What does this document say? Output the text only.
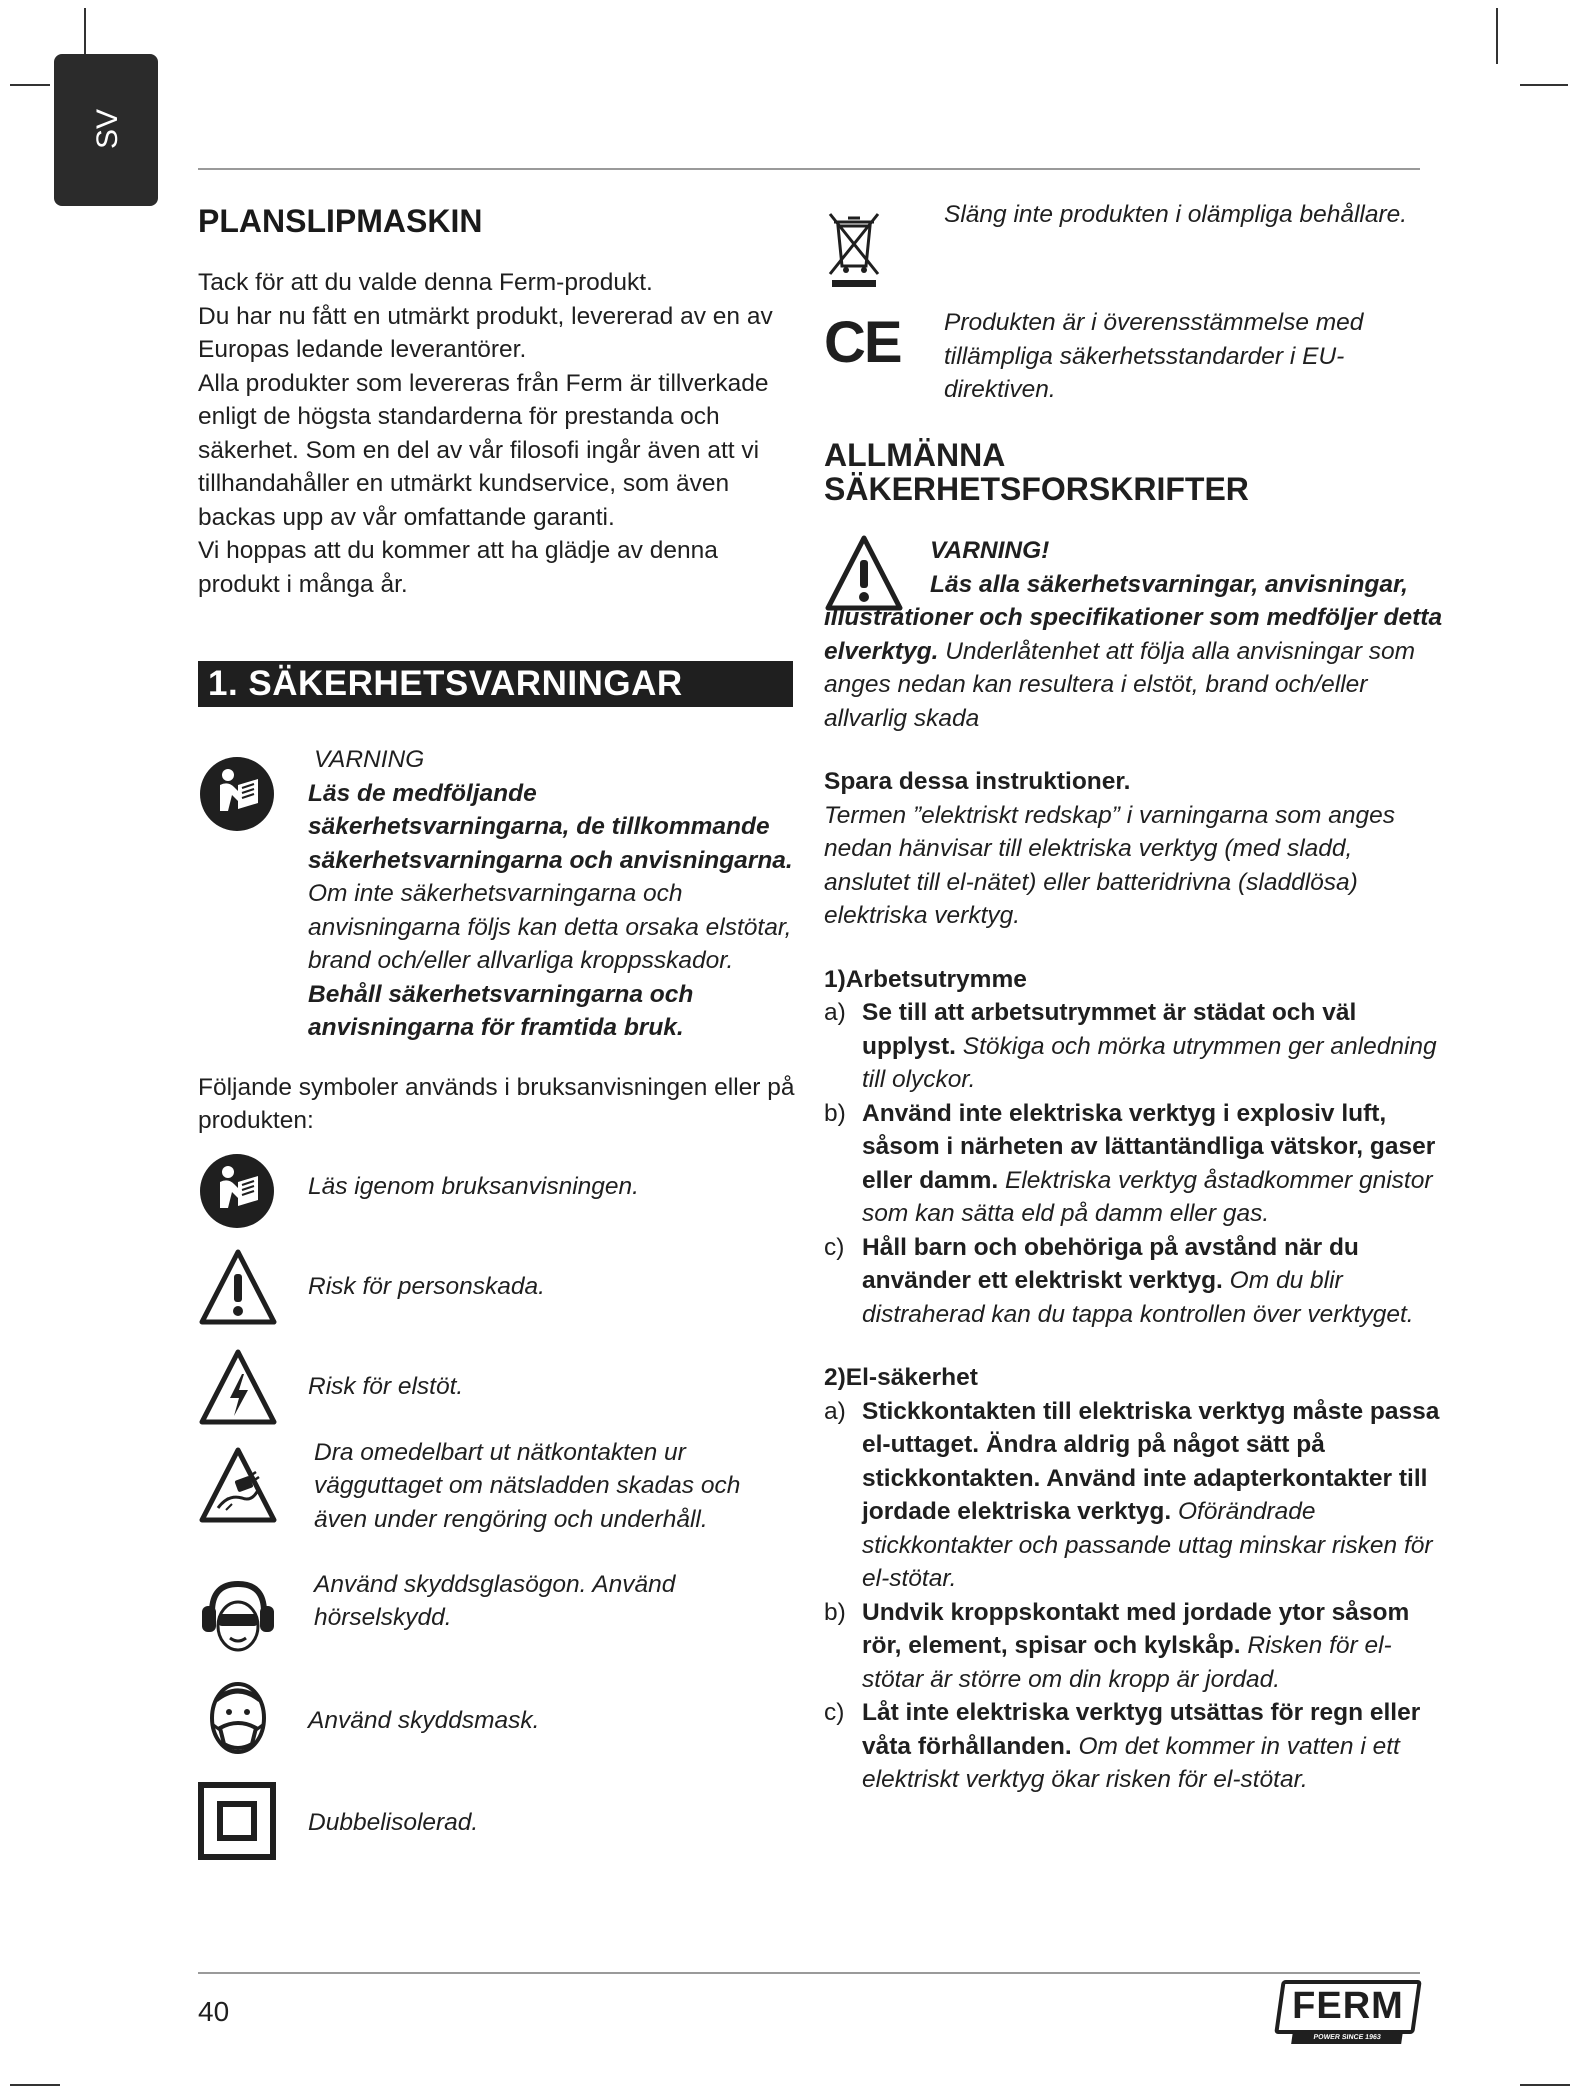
SV
PLANSLIPMASKIN

Tack för att du valde denna Ferm-produkt.

Du har nu fått en utmärkt produkt, levererad av en av Europas ledande leverantörer.

Alla produkter som levereras från Ferm är tillverkade enligt de högsta standarderna för prestanda och säkerhet. Som en del av vår filosofi ingår även att vi tillhandahåller en utmärkt kundservice, som även backas upp av vår omfattande garanti.

Vi hoppas att du kommer att ha glädje av denna produkt i många år.

1. SÄKERHETSVARNINGAR

VARNING

Läs de medföljande säkerhetsvarningarna, de tillkommande säkerhetsvarningarna och anvisningarna. Om inte säkerhetsvarningarna och anvisningarna följs kan detta orsaka elstötar, brand och/eller allvarliga kroppsskador.

Behåll säkerhetsvarningarna och anvisningarna för framtida bruk.

Följande symboler används i bruksanvisningen eller på produkten:

Läs igenom bruksanvisningen.

Risk för personskada.

Risk för elstöt.

Dra omedelbart ut nätkontakten ur vägguttaget om nätsladden skadas och även under rengöring och underhåll.

Använd skyddsglasögon. Använd hörselskydd.

Använd skyddsmask.

Dubbelisolerad.

Släng inte produkten i olämpliga behållare.

CE	Produkten är i överensstämmelse med tillämpliga säkerhetsstandarder i EU-direktiven.

ALLMÄNNA

SÄKERHETSFORSKRIFTER

VARNING!

Läs alla säkerhetsvarningar, anvisningar, illustrationer och specifikationer som medföljer detta elverktyg. Underlåtenhet att följa alla anvisningar som anges nedan kan resultera i elstöt, brand och/eller allvarlig skada

Spara dessa instruktioner.

Termen ”elektriskt redskap” i varningarna som anges nedan hänvisar till elektriska verktyg (med sladd, anslutet till el-nätet) eller batteridrivna (sladdlösa) elektriska verktyg.

1)Arbetsutrymme

a) Se till att arbetsutrymmet är städat och väl upplyst. Stökiga och mörka utrymmen ger anledning till olyckor.

b) Använd inte elektriska verktyg i explosiv luft, såsom i närheten av lättantändliga vätskor, gaser eller damm. Elektriska verktyg åstadkommer gnistor som kan sätta eld på damm eller gas.

c) Håll barn och obehöriga på avstånd när du använder ett elektriskt verktyg. Om du blir distraherad kan du tappa kontrollen över verktyget.

2)El-säkerhet

a) Stickkontakten till elektriska verktyg måste passa el-uttaget. Ändra aldrig på något sätt på stickkontakten. Använd inte adapterkontakter till jordade elektriska verktyg. Oförändrade stickkontakter och passande uttag minskar risken för el-stötar.

b) Undvik kroppskontakt med jordade ytor såsom rör, element, spisar och kylskåp. Risken för el-stötar är större om din kropp är jordad.

c) Låt inte elektriska verktyg utsättas för regn eller våta förhållanden. Om det kommer in vatten i ett elektriskt verktyg ökar risken för el-stötar.

40	FERM
POWER SINCE 1963
